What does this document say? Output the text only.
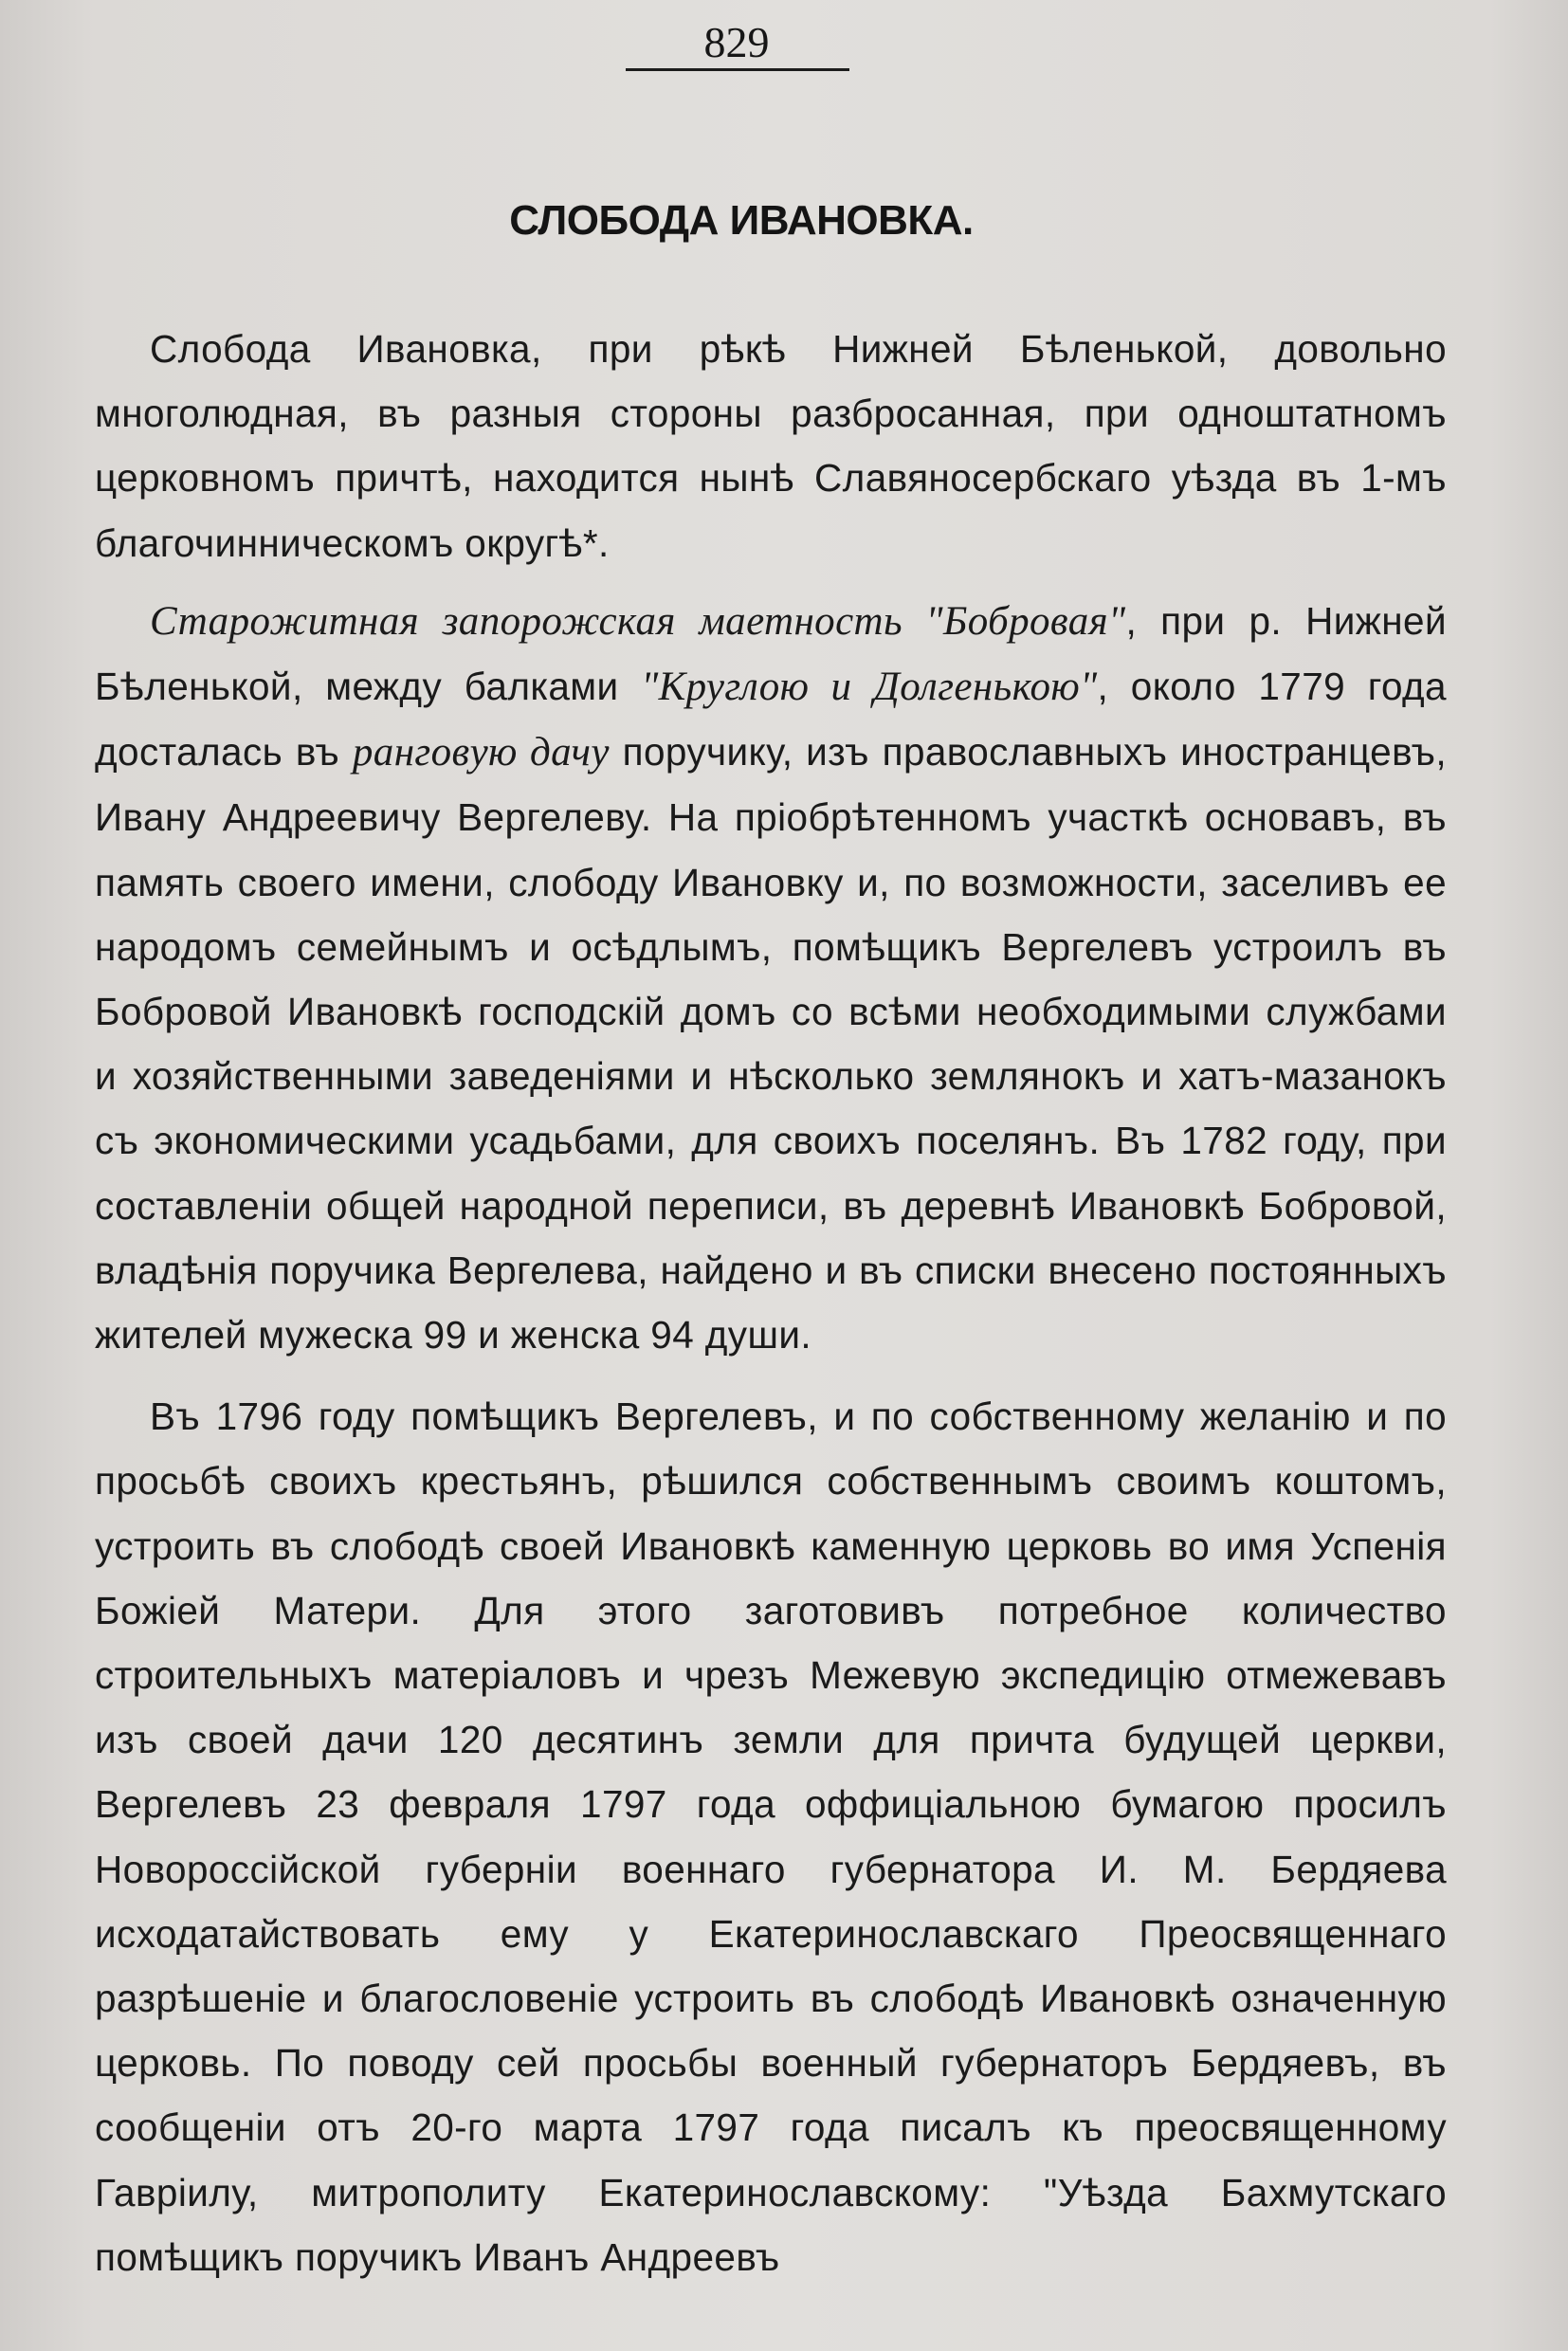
829
СЛОБОДА ИВАНОВКА.

Слобода Ивановка, при рѣкѣ Нижней Бѣленькой, довольно многолюдная, въ разныя стороны разбросанная, при одноштатномъ церковномъ причтѣ, находится нынѣ Славяносербскаго уѣзда въ 1-мъ благочинническомъ округѣ*.

Старожитная запорожская маетность "Бобровая", при р. Нижней Бѣленькой, между балками "Круглою и Долгенькою", около 1779 года досталась въ ранговую дачу поручику, изъ православныхъ иностранцевъ, Ивану Андреевичу Вергелеву. На пріобрѣтенномъ участкѣ основавъ, въ память своего имени, слободу Ивановку и, по возможности, заселивъ ее народомъ семейнымъ и осѣдлымъ, помѣщикъ Вергелевъ устроилъ въ Бобровой Ивановкѣ господскій домъ со всѣми необходимыми службами и хозяйственными заведеніями и нѣсколько землянокъ и хатъ-мазанокъ съ экономическими усадьбами, для своихъ поселянъ. Въ 1782 году, при составленіи общей народной переписи, въ деревнѣ Ивановкѣ Бобровой, владѣнія поручика Вергелева, найдено и въ списки внесено постоянныхъ жителей мужеска 99 и женска 94 души.

Въ 1796 году помѣщикъ Вергелевъ, и по собственному желанію и по просьбѣ своихъ крестьянъ, рѣшился собственнымъ своимъ коштомъ, устроить въ слободѣ своей Ивановкѣ каменную церковь во имя Успенія Божіей Матери. Для этого заготовивъ потребное количество строительныхъ матеріаловъ и чрезъ Межевую экспедицію отмежевавъ изъ своей дачи 120 десятинъ земли для причта будущей церкви, Вергелевъ 23 февраля 1797 года оффиціальною бумагою просилъ Новороссійской губерніи военнаго губернатора И. М. Бердяева исходатайствовать ему у Екатеринославскаго Преосвященнаго разрѣшеніе и благословеніе устроить въ слободѣ Ивановкѣ означенную церковь. По поводу сей просьбы военный губернаторъ Бердяевъ, въ сообщеніи отъ 20-го марта 1797 года писалъ къ преосвященному Гавріилу, митрополиту Екатеринославскому: "Уѣзда Бахмутскаго помѣщикъ поручикъ Иванъ Андреевъ
